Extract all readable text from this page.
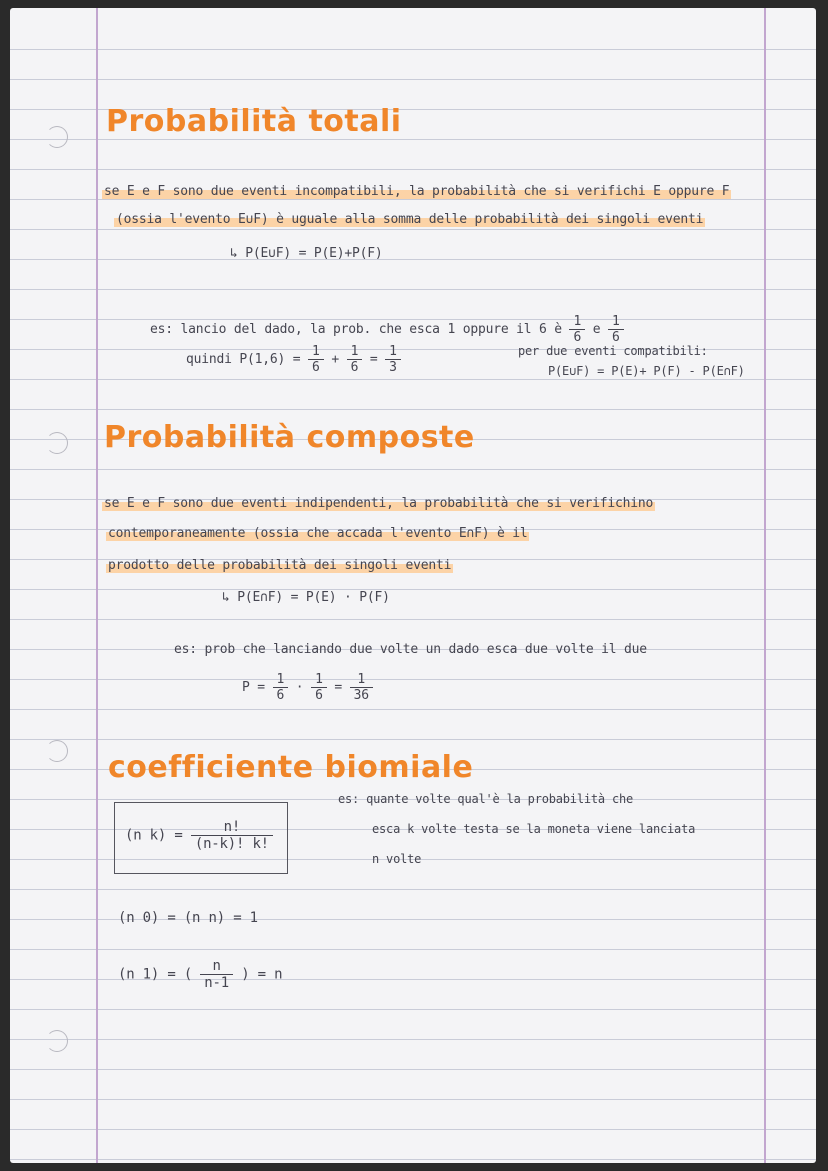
Probabilità totali
se E e F sono due eventi incompatibili, la probabilità che si verifichi E oppure F
(ossia l'evento E∪F) è uguale alla somma delle probabilità dei singoli eventi
↳ P(E∪F) = P(E)+P(F)
es: lancio del dado, la prob. che esca 1 oppure il 6 è $\frac{1}{6}$ e $\frac{1}{6}$
quindi $P(1,6) = \frac{1}{6} + \frac{1}{6} = \frac{1}{3}$	per due eventi compatibili:
P(E∪F) = P(E)+ P(F) - P(E∩F)
Probabilità composte
se E e F sono due eventi indipendenti, la probabilità che si verifichino
contemporaneamente (ossia che accada l'evento E∩F) è il
prodotto delle probabilità dei singoli eventi
↳ P(E∩F) = P(E) · P(F)
es: prob che lanciando due volte un dado esca due volte il due
$P = \frac{1}{6} \cdot \frac{1}{6} = \frac{1}{36}$
coefficiente biomiale
(n $k) = \frac{n!}{(n-k)! k!}$
(n 0) = (n n) = 1
(n 1) = ( $\frac{n}{n-1}$ ) = n
es: quante volte qual'è la probabilità che
esca k volte testa se la moneta viene lanciata
n volte
